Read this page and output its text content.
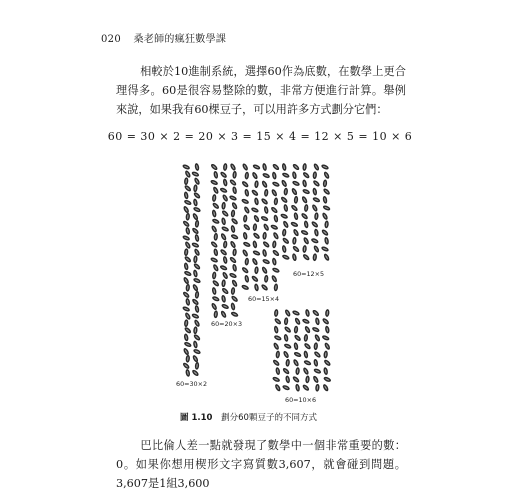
020 桑老師的瘋狂數學課

相較於10進制系統，選擇60作為底數，在數學上更合理得多。60是很容易整除的數，非常方便進行計算。舉例來說，如果我有60棵豆子，可以用許多方式劃分它們：

60 = 30 × 2 = 20 × 3 = 15 × 4 = 12 × 5 = 10 × 6
60=30×2
60=20×3
60=15×4
60=12×5
60=10×6
圖 1.10 劃分60顆豆子的不同方式

巴比倫人差一點就發現了數學中一個非常重要的數：0。如果你想用楔形文字寫質數3,607，就會碰到問題。3,607是1組3,600
